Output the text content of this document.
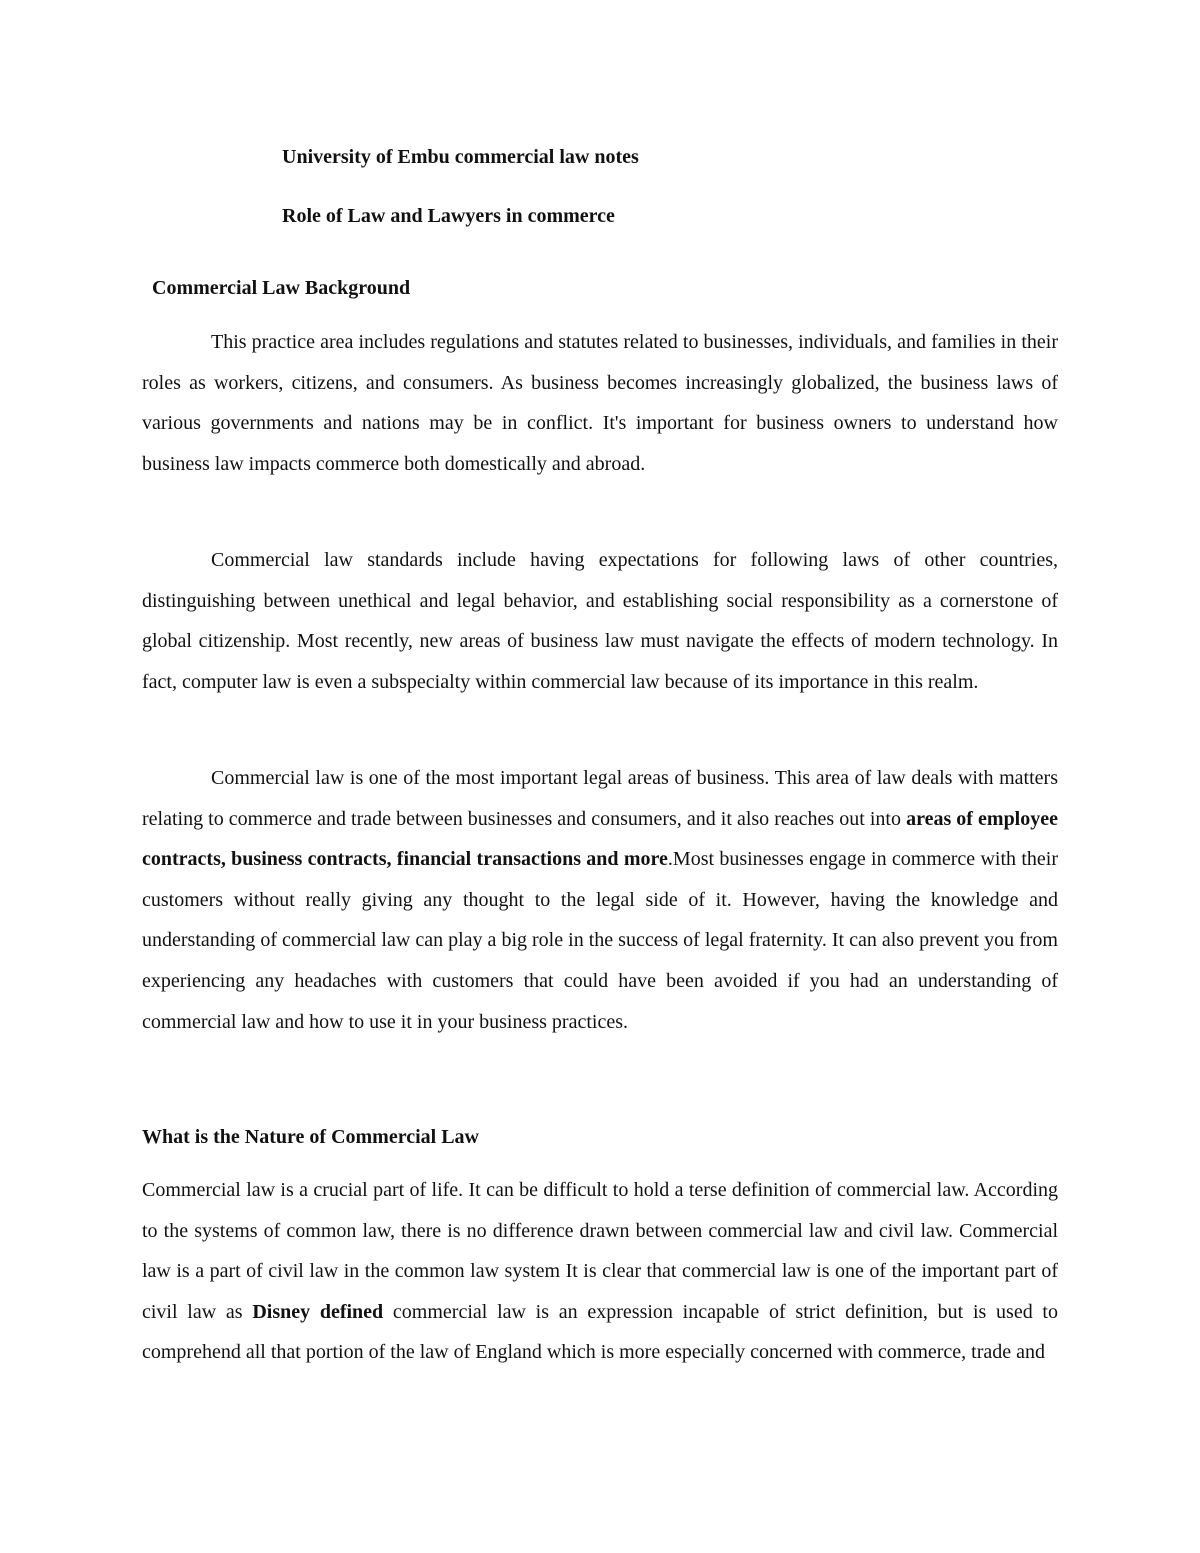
University of Embu commercial law notes
Role of Law and Lawyers in commerce
Commercial Law Background

This practice area includes regulations and statutes related to businesses, individuals, and families in their roles as workers, citizens, and consumers. As business becomes increasingly globalized, the business laws of various governments and nations may be in conflict. It's important for business owners to understand how business law impacts commerce both domestically and abroad.

Commercial law standards include having expectations for following laws of other countries, distinguishing between unethical and legal behavior, and establishing social responsibility as a cornerstone of global citizenship. Most recently, new areas of business law must navigate the effects of modern technology. In fact, computer law is even a subspecialty within commercial law because of its importance in this realm.

Commercial law is one of the most important legal areas of business. This area of law deals with matters relating to commerce and trade between businesses and consumers, and it also reaches out into areas of employee contracts, business contracts, financial transactions and more.Most businesses engage in commerce with their customers without really giving any thought to the legal side of it. However, having the knowledge and understanding of commercial law can play a big role in the success of legal fraternity. It can also prevent you from experiencing any headaches with customers that could have been avoided if you had an understanding of commercial law and how to use it in your business practices.

What is the Nature of Commercial Law

Commercial law is a crucial part of life. It can be difficult to hold a terse definition of commercial law. According to the systems of common law, there is no difference drawn between commercial law and civil law. Commercial law is a part of civil law in the common law system It is clear that commercial law is one of the important part of civil law as Disney defined commercial law is an expression incapable of strict definition, but is used to comprehend all that portion of the law of England which is more especially concerned with commerce, trade and
